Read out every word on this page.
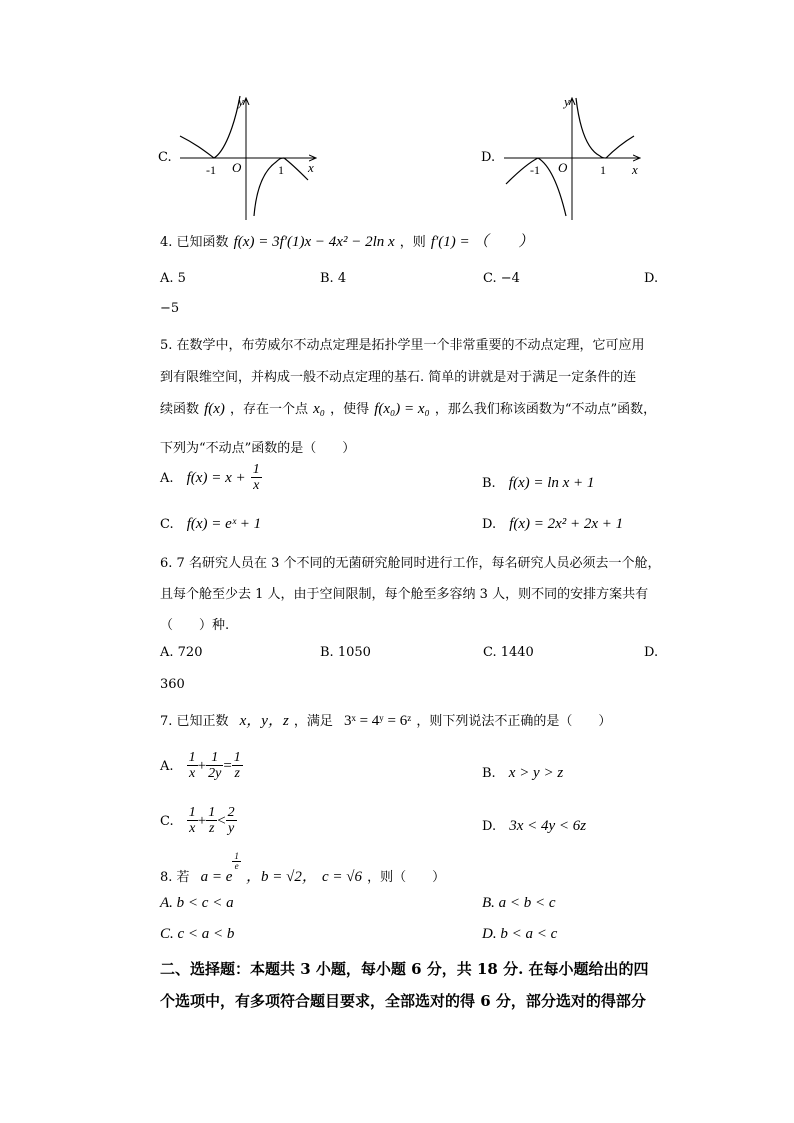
C.
y
x
O
-1	1
D.
y
x
O
-1	1
4. 已知函数 f(x) = 3f′(1)x − 4x² − 2ln x ，则 f′(1) = （　　）
A. 5	B. 4	C. −4	D.
−5
5. 在数学中，布劳威尔不动点定理是拓扑学里一个非常重要的不动点定理，它可应用
到有限维空间，并构成一般不动点定理的基石. 简单的讲就是对于满足一定条件的连
续函数 f(x) ，存在一个点 x₀ ，使得 f(x₀) = x₀ ，那么我们称该函数为“不动点”函数，
下列为“不动点”函数的是（　　）
A. $f(x) = x + \frac{1}{x}$	B. f(x) = ln x + 1
C. f(x) = eˣ + 1	D. f(x) = 2x² + 2x + 1
6. 7 名研究人员在 3 个不同的无菌研究舱同时进行工作，每名研究人员必须去一个舱，
且每个舱至少去 1 人，由于空间限制，每个舱至多容纳 3 人，则不同的安排方案共有
（　　）种.
A. 720	B. 1050	C. 1440	D.
360
7. 已知正数 x，y，z ，满足 3ˣ = 4ʸ = 6ᶻ ，则下列说法不正确的是（　　）
A. $\frac{1}{x} + \frac{1}{2y} = \frac{1}{z}$	B. x > y > z
C. $\frac{1}{x} + \frac{1}{z} < \frac{2}{y}$	D. 3x < 4y < 6z
8. 若 a = e
$\frac{1}{e}$
，b = √2， c = √6 ，则（　　）
A. b < c < a	B. a < b < c
C. c < a < b	D. b < a < c
二、选择题：本题共 3 小题，每小题 6 分，共 18 分. 在每小题给出的四
个选项中，有多项符合题目要求，全部选对的得 6 分，部分选对的得部分
